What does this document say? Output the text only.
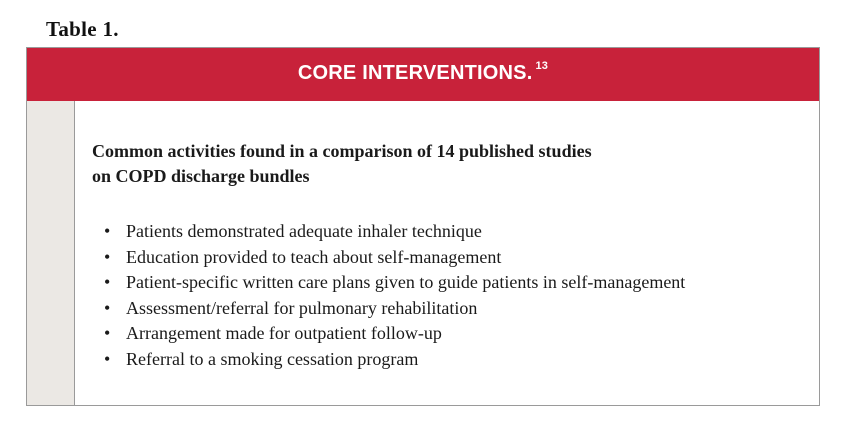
Table 1.
CORE INTERVENTIONS. $^{13}$

Common activities found in a comparison of 14 published studies
on COPD discharge bundles

• Patients demonstrated adequate inhaler technique
• Education provided to teach about self-management
• Patient-specific written care plans given to guide patients in self-management
• Assessment/referral for pulmonary rehabilitation
• Arrangement made for outpatient follow-up
• Referral to a smoking cessation program
